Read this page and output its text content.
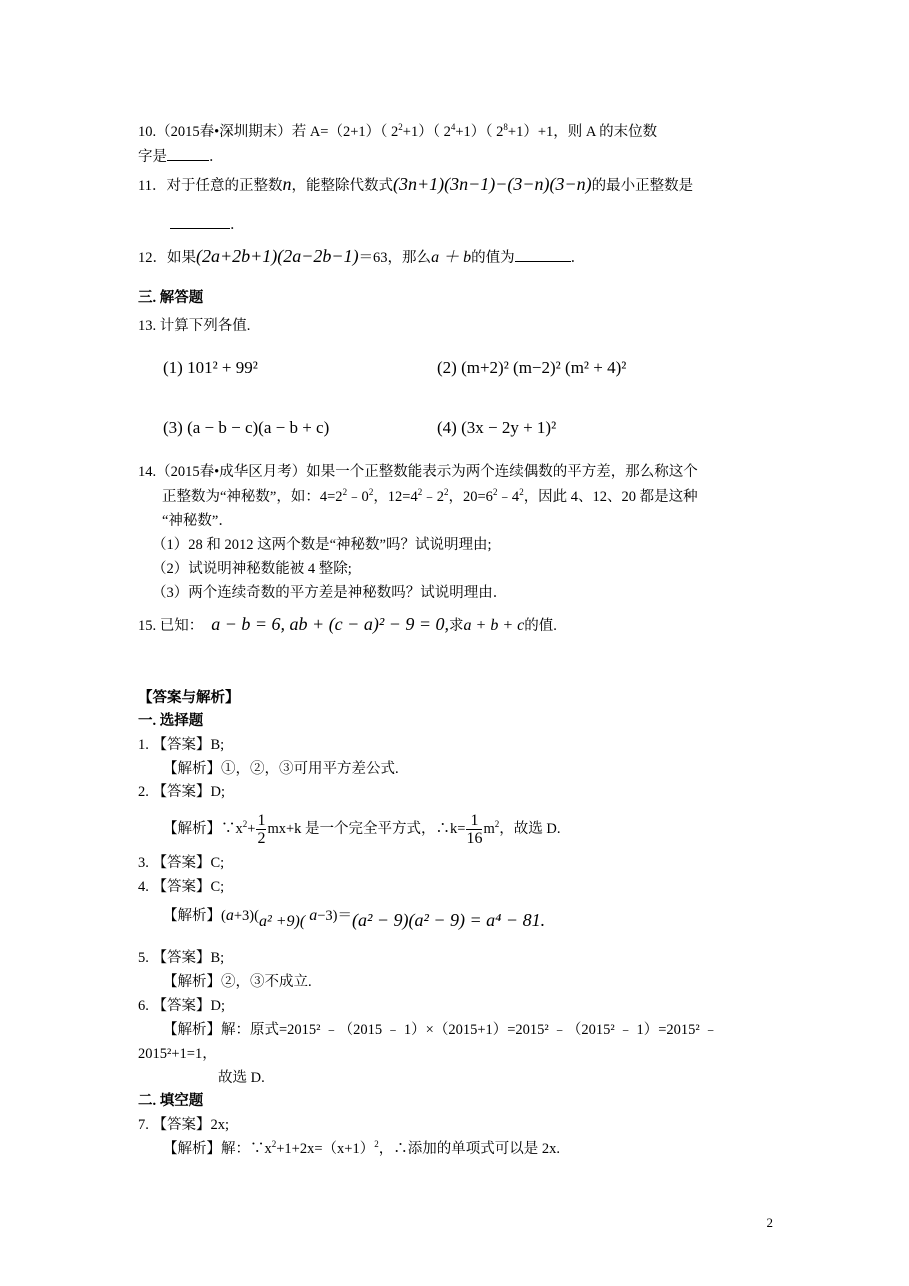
10.（2015春•深圳期末）若 A=（2+1）（ $2^2+1$）（ $2^4+1$）（ $2^8+1)+1$，则 A 的末位数
字是	．
11．对于任意的正整数n，能整除代数式(3n+1)(3n−1)−(3−n)(3−n)的最小正整数是
．
12．如果(2a+2b+1)(2a−2b−1)＝63，那么a ＋ b的值为	．
三. 解答题
13. 计算下列各值.
(1) 101² + 99²	(2) (m+2)² (m−2)² (m² + 4)²
(3) (a − b − c)(a − b + c)	(4) (3x − 2y + 1)²
14.（2015春•成华区月考）如果一个正整数能表示为两个连续偶数的平方差，那么称这个
正整数为“神秘数”，如：$4=2^2﹣0^2$，$12=4^2﹣2^2$，$20=6^2﹣4^2$，因此 4、12、20 都是这种
“神秘数”．
（1）28 和 2012 这两个数是“神秘数”吗？试说明理由;
（2）试说明神秘数能被 4 整除;
（3）两个连续奇数的平方差是神秘数吗？试说明理由．
15. 已知： a − b = 6, ab + (c − a)² − 9 = 0,求a + b + c的值.
【答案与解析】
一. 选择题
1. 【答案】B;
【解析】①，②，③可用平方差公式.
2. 【答案】D;
【解析】$\because x^2+ \frac{1}{2} mx+k$ 是一个完全平方式，∴k= $\frac{1}{16} m^2$，故选 D.
3. 【答案】C;
4. 【答案】C;
【解析】(a+3)(a² +9)( a−3)＝(a² − 9)(a² − 9) = a⁴ − 81.
5. 【答案】B;
【解析】②，③不成立.
6. 【答案】D;
【解析】解：原式=2015² ﹣（2015 ﹣ 1）×（2015+1）=2015² ﹣（2015² ﹣ 1）=2015² ﹣
2015²+1=1，
故选 D.
二. 填空题
7. 【答案】2x;
【解析】解：$\because x^2+1+2x=(x+1)^2$，∴添加的单项式可以是 2x.
2
